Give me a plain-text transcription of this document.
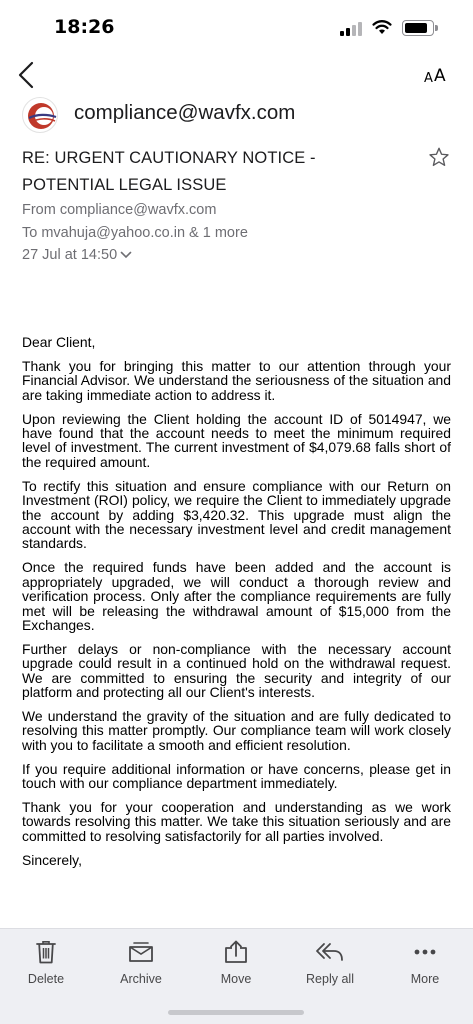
18:26
A A
compliance@wavfx.com
RE: URGENT CAUTIONARY NOTICE - POTENTIAL LEGAL ISSUE
From compliance@wavfx.com
To mvahuja@yahoo.co.in & 1 more
27 Jul at 14:50

Dear Client,

Thank you for bringing this matter to our attention through your Financial Advisor. We understand the seriousness of the situation and are taking immediate action to address it.

Upon reviewing the Client holding the account ID of 5014947, we have found that the account needs to meet the minimum required level of investment. The current investment of $4,079.68 falls short of the required amount.

To rectify this situation and ensure compliance with our Return on Investment (ROI) policy, we require the Client to immediately upgrade the account by adding $3,420.32. This upgrade must align the account with the necessary investment level and credit management standards.

Once the required funds have been added and the account is appropriately upgraded, we will conduct a thorough review and verification process. Only after the compliance requirements are fully met will be releasing the withdrawal amount of $15,000 from the Exchanges.

Further delays or non-compliance with the necessary account upgrade could result in a continued hold on the withdrawal request. We are committed to ensuring the security and integrity of our platform and protecting all our Client's interests.

We understand the gravity of the situation and are fully dedicated to resolving this matter promptly. Our compliance team will work closely with you to facilitate a smooth and efficient resolution.

If you require additional information or have concerns, please get in touch with our compliance department immediately.

Thank you for your cooperation and understanding as we work towards resolving this matter. We take this situation seriously and are committed to resolving satisfactorily for all parties involved.

Sincerely,

Delete	Archive	Move	Reply all	More
